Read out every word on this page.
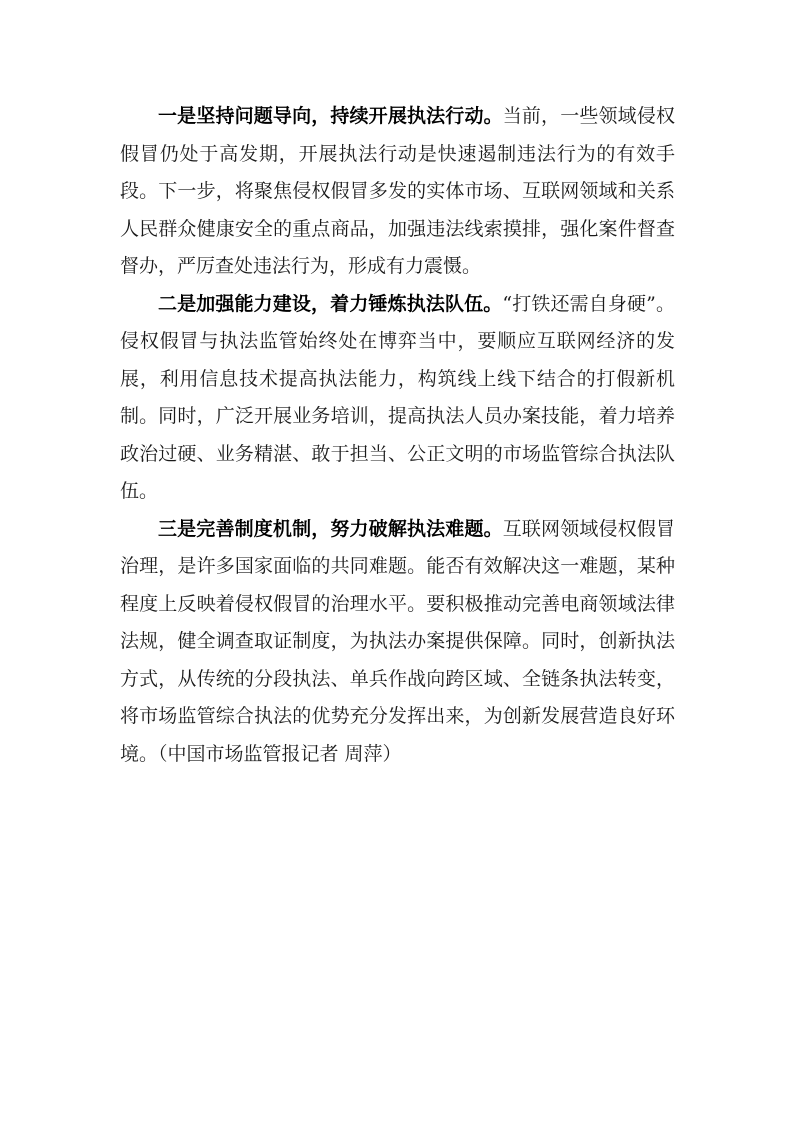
一是坚持问题导向，持续开展执法行动。当前，一些领域侵权假冒仍处于高发期，开展执法行动是快速遏制违法行为的有效手段。下一步，将聚焦侵权假冒多发的实体市场、互联网领域和关系人民群众健康安全的重点商品，加强违法线索摸排，强化案件督查督办，严厉查处违法行为，形成有力震慑。

二是加强能力建设，着力锤炼执法队伍。“打铁还需自身硬”。侵权假冒与执法监管始终处在博弈当中，要顺应互联网经济的发展，利用信息技术提高执法能力，构筑线上线下结合的打假新机制。同时，广泛开展业务培训，提高执法人员办案技能，着力培养政治过硬、业务精湛、敢于担当、公正文明的市场监管综合执法队伍。

三是完善制度机制，努力破解执法难题。互联网领域侵权假冒治理，是许多国家面临的共同难题。能否有效解决这一难题，某种程度上反映着侵权假冒的治理水平。要积极推动完善电商领域法律法规，健全调查取证制度，为执法办案提供保障。同时，创新执法方式，从传统的分段执法、单兵作战向跨区域、全链条执法转变，将市场监管综合执法的优势充分发挥出来，为创新发展营造良好环境。（中国市场监管报记者 周萍）
